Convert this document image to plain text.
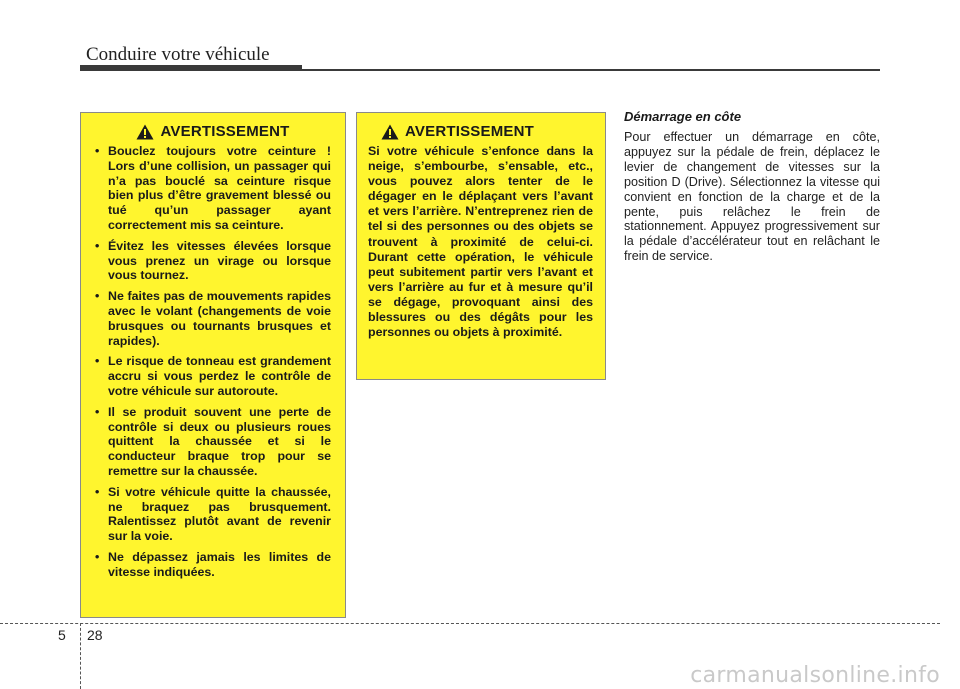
Conduire votre véhicule
AVERTISSEMENT
• Bouclez toujours votre ceinture ! Lors d’une collision, un passager qui n’a pas bouclé sa ceinture risque bien plus d’être gravement blessé ou tué qu’un passager ayant correctement mis sa ceinture.
• Évitez les vitesses élevées lorsque vous prenez un virage ou lorsque vous tournez.
• Ne faites pas de mouvements rapides avec le volant (changements de voie brusques ou tournants brusques et rapides).
• Le risque de tonneau est grandement accru si vous perdez le contrôle de votre véhicule sur autoroute.
• Il se produit souvent une perte de contrôle si deux ou plusieurs roues quittent la chaussée et si le conducteur braque trop pour se remettre sur la chaussée.
• Si votre véhicule quitte la chaussée, ne braquez pas brusquement. Ralentissez plutôt avant de revenir sur la voie.
• Ne dépassez jamais les limites de vitesse indiquées.
AVERTISSEMENT
Si votre véhicule s’enfonce dans la neige, s’embourbe, s’ensable, etc., vous pouvez alors tenter de le dégager en le déplaçant vers l’avant et vers l’arrière. N’entreprenez rien de tel si des personnes ou des objets se trouvent à proximité de celui-ci. Durant cette opération, le véhicule peut subitement partir vers l’avant et vers l’arrière au fur et à mesure qu’il se dégage, provoquant ainsi des blessures ou des dégâts pour les personnes ou objets à proximité.
Démarrage en côte
Pour effectuer un démarrage en côte, appuyez sur la pédale de frein, déplacez le levier de changement de vitesses sur la position D (Drive). Sélectionnez la vitesse qui convient en fonction de la charge et de la pente, puis relâchez le frein de stationnement. Appuyez progressivement sur la pédale d’accélérateur tout en relâchant le frein de service.
5 28
carmanualsonline.info
